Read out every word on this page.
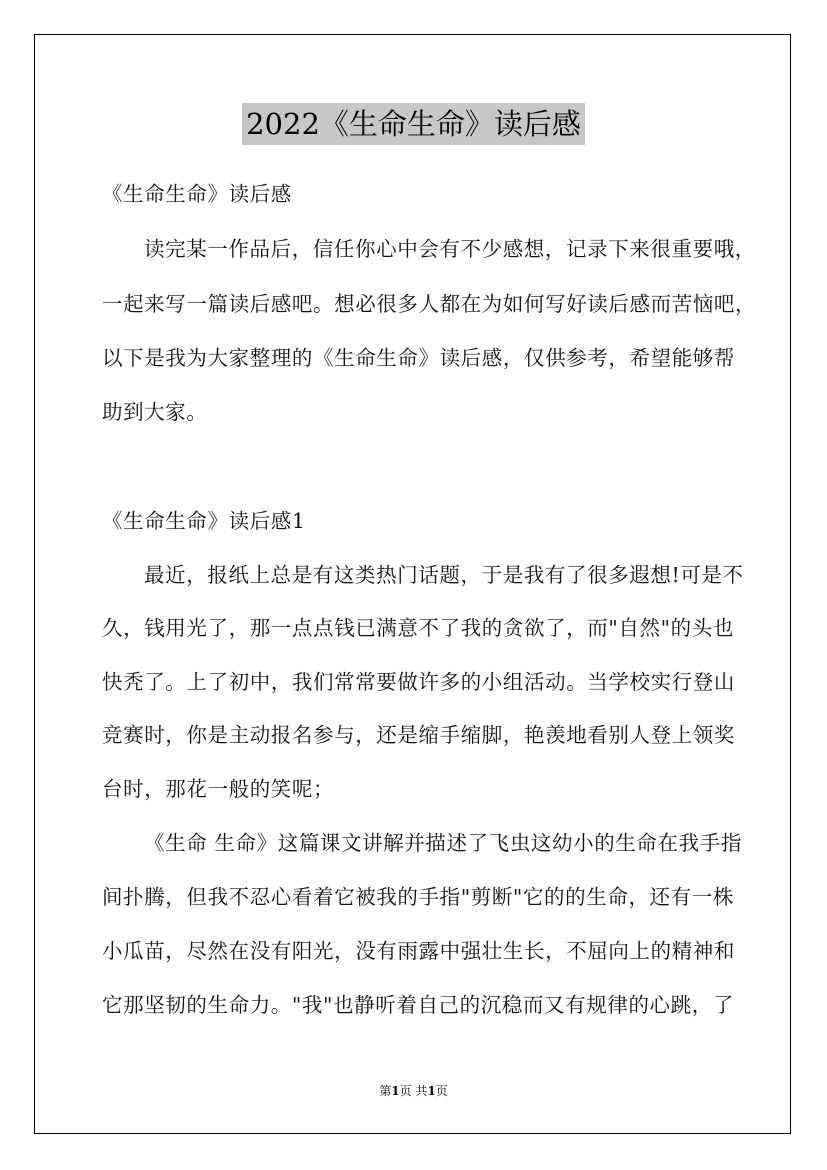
2022《生命生命》读后感
《生命生命》读后感
读完某一作品后，信任你心中会有不少感想，记录下来很重要哦，
一起来写一篇读后感吧。想必很多人都在为如何写好读后感而苦恼吧，
以下是我为大家整理的《生命生命》读后感，仅供参考，希望能够帮
助到大家。
《生命生命》读后感1
最近，报纸上总是有这类热门话题，于是我有了很多遐想!可是不
久，钱用光了，那一点点钱已满意不了我的贪欲了，而"自然"的头也
快秃了。上了初中，我们常常要做许多的小组活动。当学校实行登山
竞赛时，你是主动报名参与，还是缩手缩脚，艳羡地看别人登上领奖
台时，那花一般的笑呢；
《生命 生命》这篇课文讲解并描述了飞虫这幼小的生命在我手指
间扑腾，但我不忍心看着它被我的手指"剪断"它的的生命，还有一株
小瓜苗，尽然在没有阳光，没有雨露中强壮生长，不屈向上的精神和
它那坚韧的生命力。"我"也静听着自己的沉稳而又有规律的心跳，了
第1页 共1页
